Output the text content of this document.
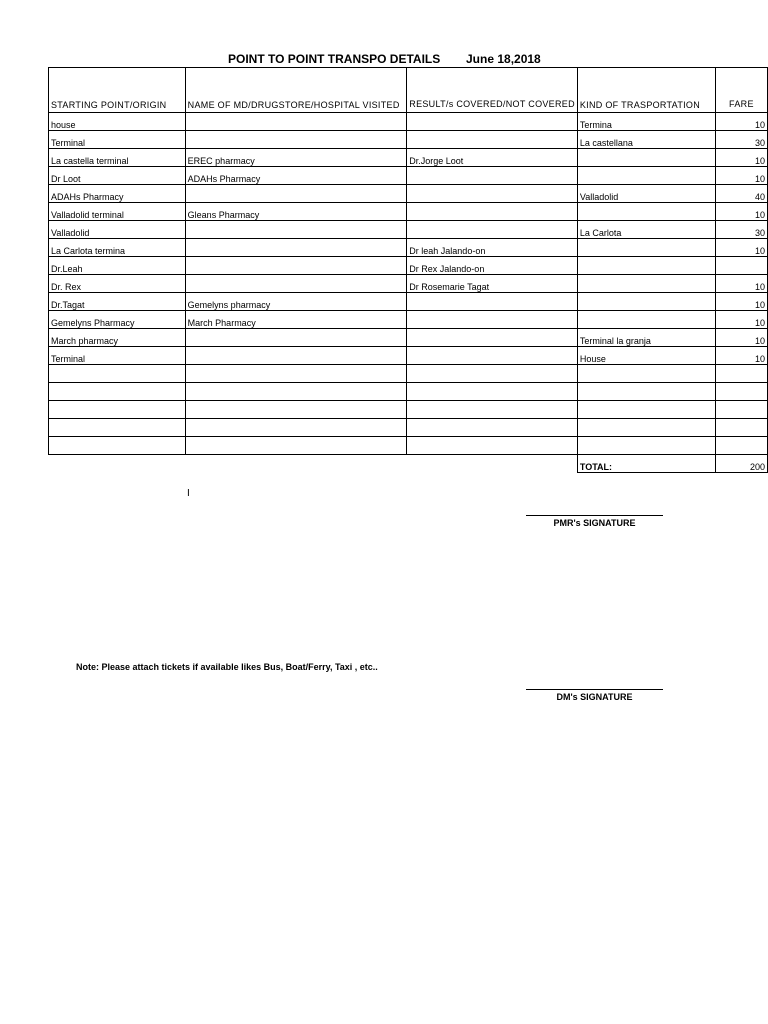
POINT TO POINT TRANSPO DETAILS June 18,2018
STARTING POINT/ORIGIN	NAME OF MD/DRUGSTORE/HOSPITAL VISITED	RESULT/s COVERED/NOT COVERED	KIND OF TRASPORTATION	FARE
house			Termina	10
Terminal			La castellana	30
La castella terminal	EREC pharmacy	Dr.Jorge Loot		10
Dr Loot	ADAHs Pharmacy			10
ADAHs Pharmacy			Valladolid	40
Valladolid terminal	Gleans Pharmacy			10
Valladolid			La Carlota	30
La Carlota termina		Dr leah Jalando-on		10
Dr.Leah		Dr Rex Jalando-on		
Dr. Rex		Dr Rosemarie Tagat		10
Dr.Tagat	Gemelyns pharmacy			10
Gemelyns Pharmacy	March Pharmacy			10
March pharmacy			Terminal la granja	10
Terminal			House	10

			TOTAL:	200
I
PMR's SIGNATURE
Note: Please attach tickets if available likes Bus, Boat/Ferry, Taxi , etc..
DM's SIGNATURE
